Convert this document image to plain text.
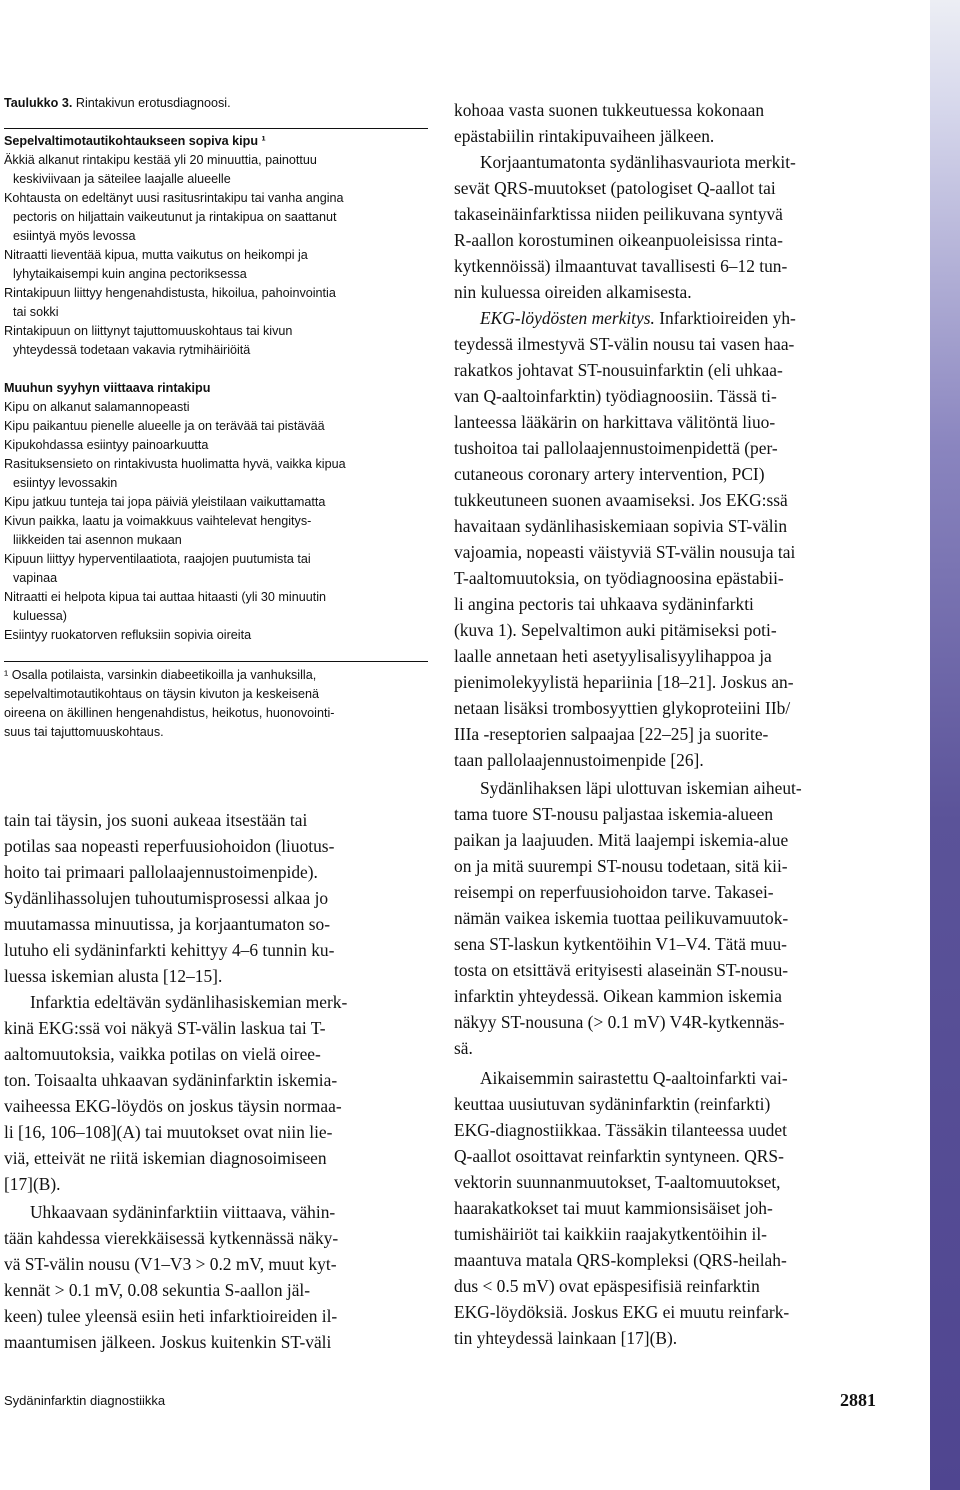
Taulukko 3. Rintakivun erotusdiagnoosi.
Sepelvaltimotautikohtaukseen sopiva kipu ¹
Äkkiä alkanut rintakipu kestää yli 20 minuuttia, painottuu
keskiviivaan ja säteilee laajalle alueelle
Kohtausta on edeltänyt uusi rasitusrintakipu tai vanha angina
pectoris on hiljattain vaikeutunut ja rintakipua on saattanut
esiintyä myös levossa
Nitraatti lieventää kipua, mutta vaikutus on heikompi ja
lyhytaikaisempi kuin angina pectoriksessa
Rintakipuun liittyy hengenahdistusta, hikoilua, pahoinvointia
tai sokki
Rintakipuun on liittynyt tajuttomuuskohtaus tai kivun
yhteydessä todetaan vakavia rytmihäiriöitä
Muuhun syyhyn viittaava rintakipu
Kipu on alkanut salamannopeasti
Kipu paikantuu pienelle alueelle ja on terävää tai pistävää
Kipukohdassa esiintyy painoarkuutta
Rasituksensieto on rintakivusta huolimatta hyvä, vaikka kipua
esiintyy levossakin
Kipu jatkuu tunteja tai jopa päiviä yleistilaan vaikuttamatta
Kivun paikka, laatu ja voimakkuus vaihtelevat hengitys-
liikkeiden tai asennon mukaan
Kipuun liittyy hyperventilaatiota, raajojen puutumista tai
vapinaa
Nitraatti ei helpota kipua tai auttaa hitaasti (yli 30 minuutin
kuluessa)
Esiintyy ruokatorven refluksiin sopivia oireita
¹ Osalla potilaista, varsinkin diabeetikoilla ja vanhuksilla,
sepelvaltimotautikohtaus on täysin kivuton ja keskeisenä
oireena on äkillinen hengenahdistus, heikotus, huonovointi-
suus tai tajuttomuuskohtaus.
tain tai täysin, jos suoni aukeaa itsestään tai
potilas saa nopeasti reperfuusiohoidon (liuotus-
hoito tai primaari pallolaajennustoimenpide).
Sydänlihassolujen tuhoutumisprosessi alkaa jo
muutamassa minuutissa, ja korjaantumaton so-
lutuho eli sydäninfarkti kehittyy 4–6 tunnin ku-
luessa iskemian alusta [12–15].
Infarktia edeltävän sydänlihasiskemian merk-
kinä EKG:ssä voi näkyä ST-välin laskua tai T-
aaltomuutoksia, vaikka potilas on vielä oiree-
ton. Toisaalta uhkaavan sydäninfarktin iskemia-
vaiheessa EKG-löydös on joskus täysin normaa-
li [16, 106–108](A) tai muutokset ovat niin lie-
viä, etteivät ne riitä iskemian diagnosoimiseen
[17](B).
Uhkaavaan sydäninfarktiin viittaava, vähin-
tään kahdessa vierekkäisessä kytkennässä näky-
vä ST-välin nousu (V1–V3 > 0.2 mV, muut kyt-
kennät > 0.1 mV, 0.08 sekuntia S-aallon jäl-
keen) tulee yleensä esiin heti infarktioireiden il-
maantumisen jälkeen. Joskus kuitenkin ST-väli
kohoaa vasta suonen tukkeutuessa kokonaan
epästabiilin rintakipuvaiheen jälkeen.
Korjaantumatonta sydänlihasvauriota merkit-
sevät QRS-muutokset (patologiset Q-aallot tai
takaseinäinfarktissa niiden peilikuvana syntyvä
R-aallon korostuminen oikeanpuoleisissa rinta-
kytkennöissä) ilmaantuvat tavallisesti 6–12 tun-
nin kuluessa oireiden alkamisesta.
EKG-löydösten merkitys. Infarktioireiden yh-
teydessä ilmestyvä ST-välin nousu tai vasen haa-
rakatkos johtavat ST-nousuinfarktin (eli uhkaa-
van Q-aaltoinfarktin) työdiagnoosiin. Tässä ti-
lanteessa lääkärin on harkittava välitöntä liuo-
tushoitoa tai pallolaajennustoimenpidettä (per-
cutaneous coronary artery intervention, PCI)
tukkeutuneen suonen avaamiseksi. Jos EKG:ssä
havaitaan sydänlihasiskemiaan sopivia ST-välin
vajoamia, nopeasti väistyviä ST-välin nousuja tai
T-aaltomuutoksia, on työdiagnoosina epästabii-
li angina pectoris tai uhkaava sydäninfarkti
(kuva 1). Sepelvaltimon auki pitämiseksi poti-
laalle annetaan heti asetyylisalisyylihappoa ja
pienimolekyylistä hepariinia [18–21]. Joskus an-
netaan lisäksi trombosyyttien glykoproteiini IIb/
IIIa -reseptorien salpaajaa [22–25] ja suorite-
taan pallolaajennustoimenpide [26].
Sydänlihaksen läpi ulottuvan iskemian aiheut-
tama tuore ST-nousu paljastaa iskemia-alueen
paikan ja laajuuden. Mitä laajempi iskemia-alue
on ja mitä suurempi ST-nousu todetaan, sitä kii-
reisempi on reperfuusiohoidon tarve. Takasei-
nämän vaikea iskemia tuottaa peilikuvamuutok-
sena ST-laskun kytkentöihin V1–V4. Tätä muu-
tosta on etsittävä erityisesti alaseinän ST-nousu-
infarktin yhteydessä. Oikean kammion iskemia
näkyy ST-nousuna (> 0.1 mV) V4R-kytkennäs-
sä.
Aikaisemmin sairastettu Q-aaltoinfarkti vai-
keuttaa uusiutuvan sydäninfarktin (reinfarkti)
EKG-diagnostiikkaa. Tässäkin tilanteessa uudet
Q-aallot osoittavat reinfarktin syntyneen. QRS-
vektorin suunnanmuutokset, T-aaltomuutokset,
haarakatkokset tai muut kammionsisäiset joh-
tumishäiriöt tai kaikkiin raajakytkentöihin il-
maantuva matala QRS-kompleksi (QRS-heilah-
dus < 0.5 mV) ovat epäspesifisiä reinfarktin
EKG-löydöksiä. Joskus EKG ei muutu reinfark-
tin yhteydessä lainkaan [17](B).
Sydäninfarktin diagnostiikka	2881
